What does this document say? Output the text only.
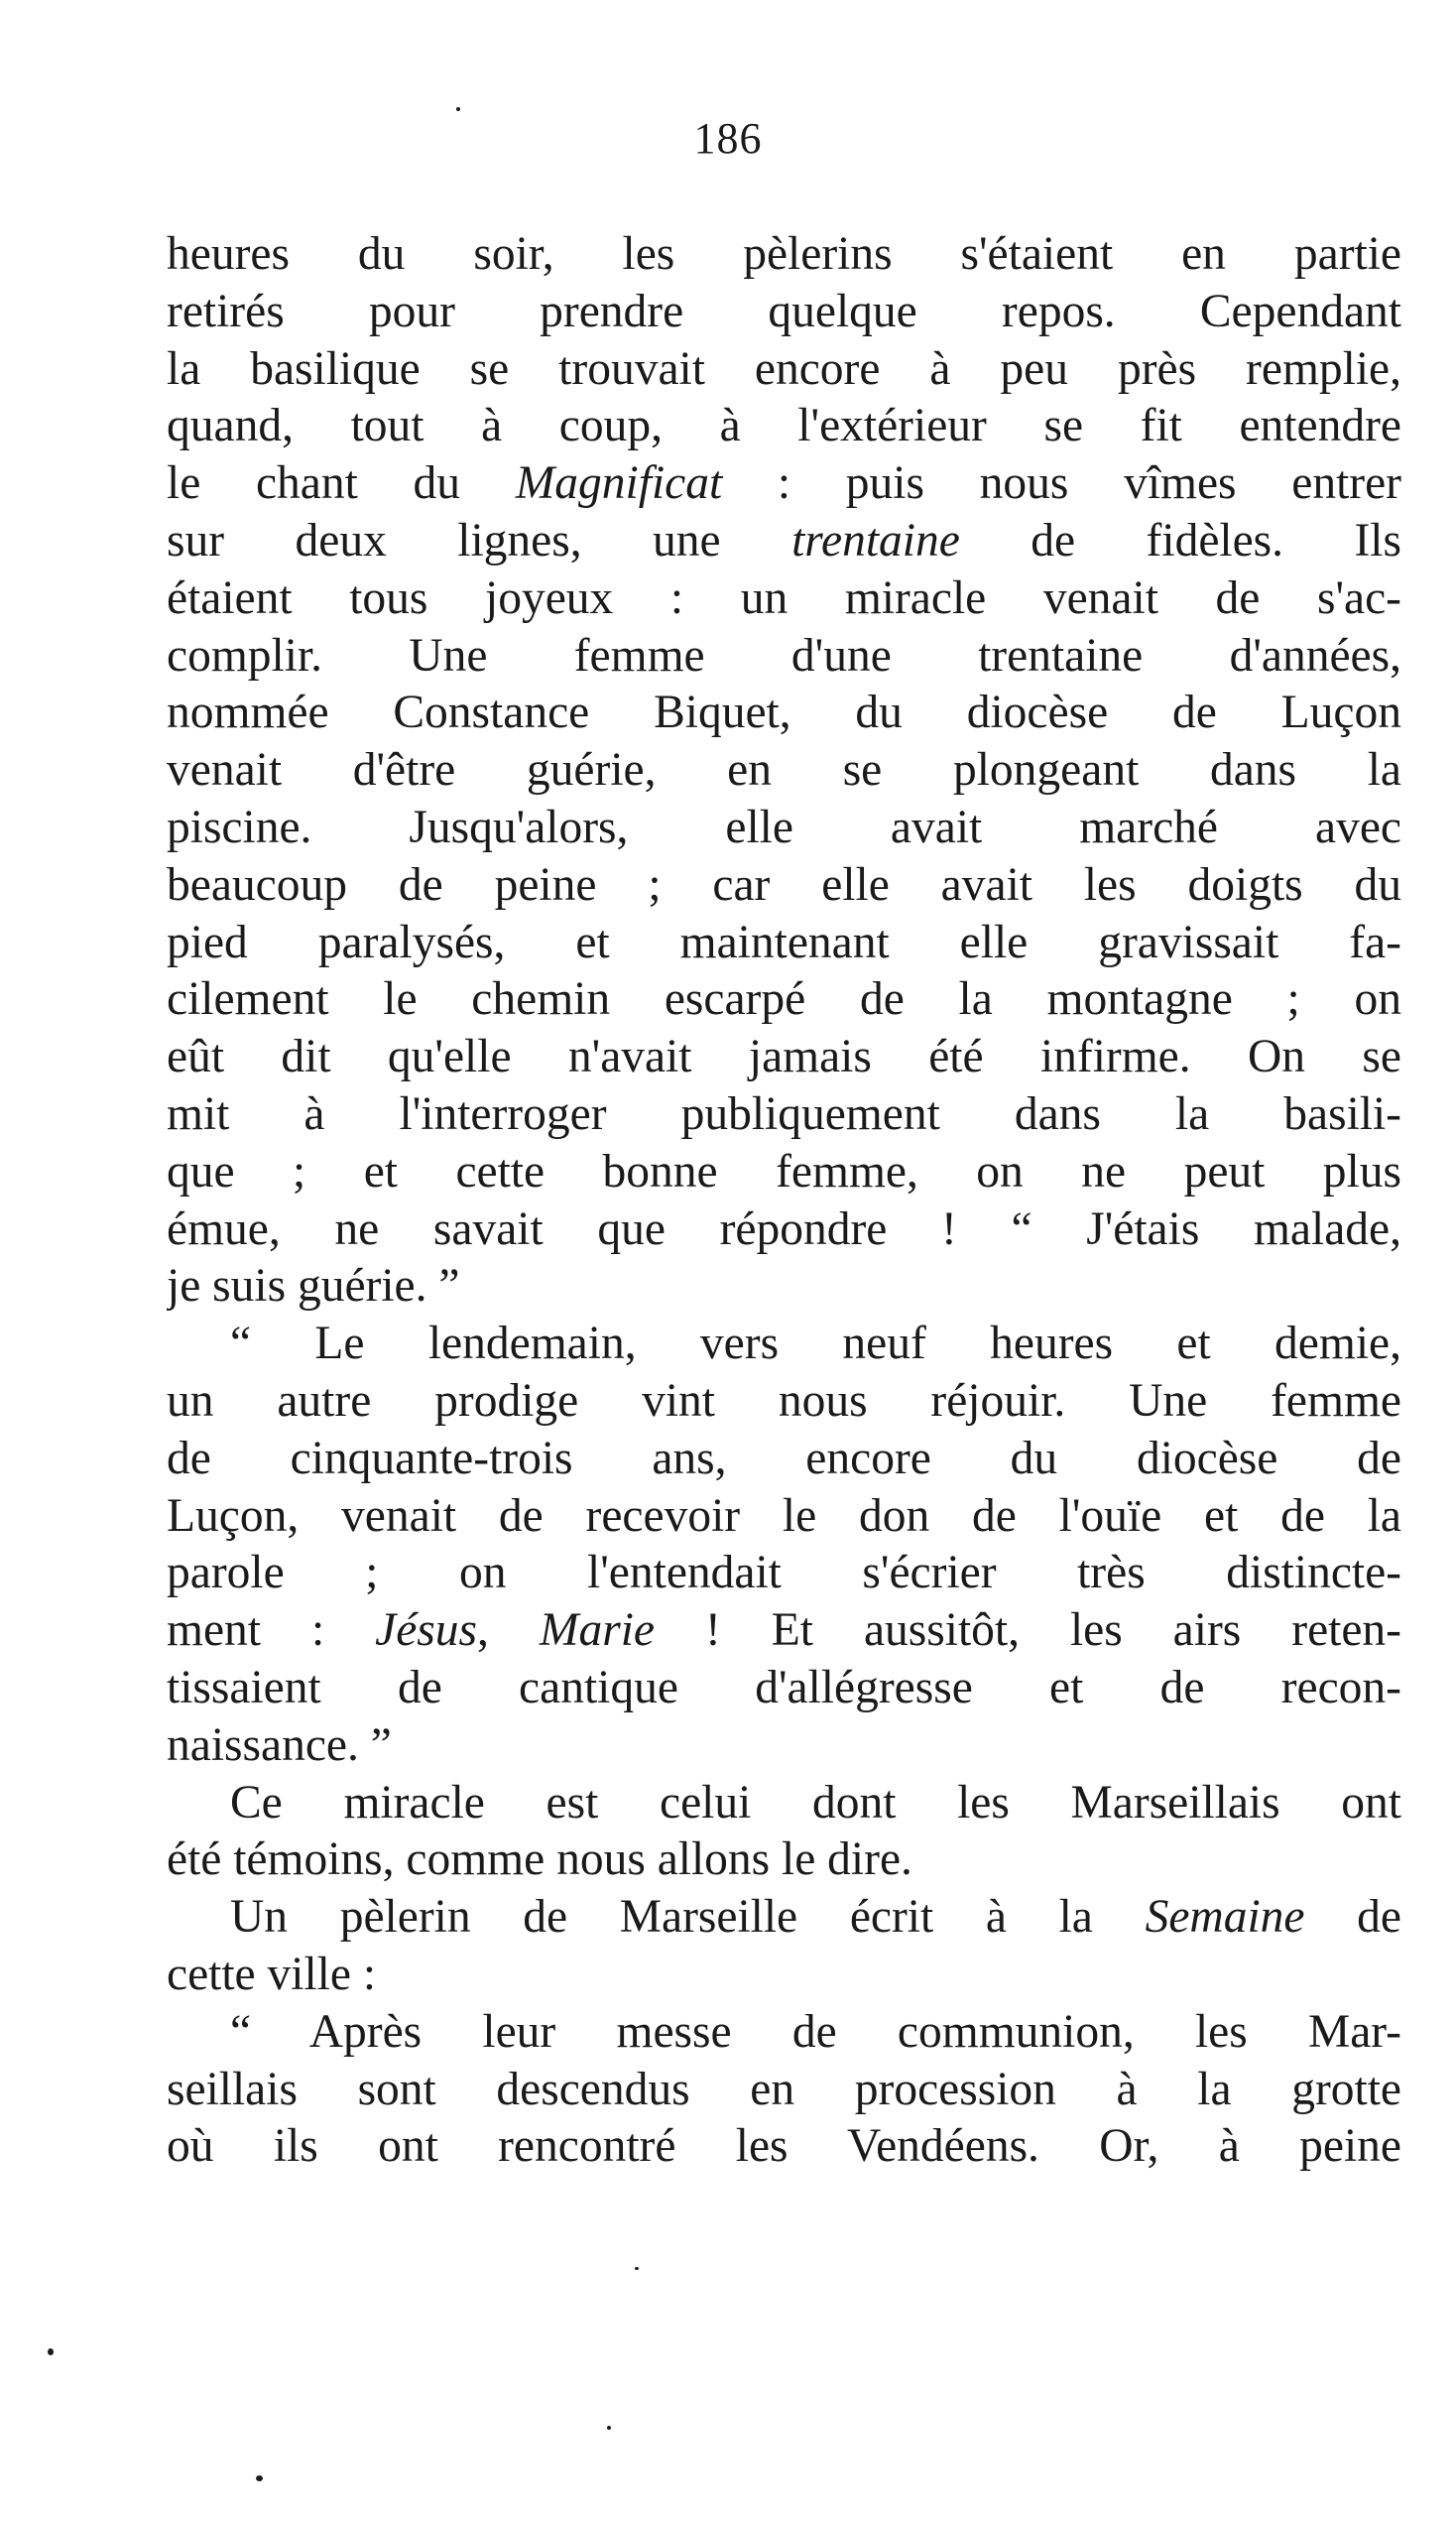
186
heures du soir, les pèlerins s'étaient en partie
retirés pour prendre quelque repos. Cependant
la basilique se trouvait encore à peu près remplie,
quand, tout à coup, à l'extérieur se fit entendre
le chant du Magnificat : puis nous vîmes entrer
sur deux lignes, une trentaine de fidèles. Ils
étaient tous joyeux : un miracle venait de s'ac-
complir. Une femme d'une trentaine d'années,
nommée Constance Biquet, du diocèse de Luçon
venait d'être guérie, en se plongeant dans la
piscine. Jusqu'alors, elle avait marché avec
beaucoup de peine ; car elle avait les doigts du
pied paralysés, et maintenant elle gravissait fa-
cilement le chemin escarpé de la montagne ; on
eût dit qu'elle n'avait jamais été infirme. On se
mit à l'interroger publiquement dans la basili-
que ; et cette bonne femme, on ne peut plus
émue, ne savait que répondre ! “ J'étais malade,
je suis guérie. ”
“ Le lendemain, vers neuf heures et demie,
un autre prodige vint nous réjouir. Une femme
de cinquante-trois ans, encore du diocèse de
Luçon, venait de recevoir le don de l'ouïe et de la
parole ; on l'entendait s'écrier très distincte-
ment : Jésus, Marie ! Et aussitôt, les airs reten-
tissaient de cantique d'allégresse et de recon-
naissance. ”
Ce miracle est celui dont les Marseillais ont
été témoins, comme nous allons le dire.
Un pèlerin de Marseille écrit à la Semaine de
cette ville :
“ Après leur messe de communion, les Mar-
seillais sont descendus en procession à la grotte
où ils ont rencontré les Vendéens. Or, à peine
